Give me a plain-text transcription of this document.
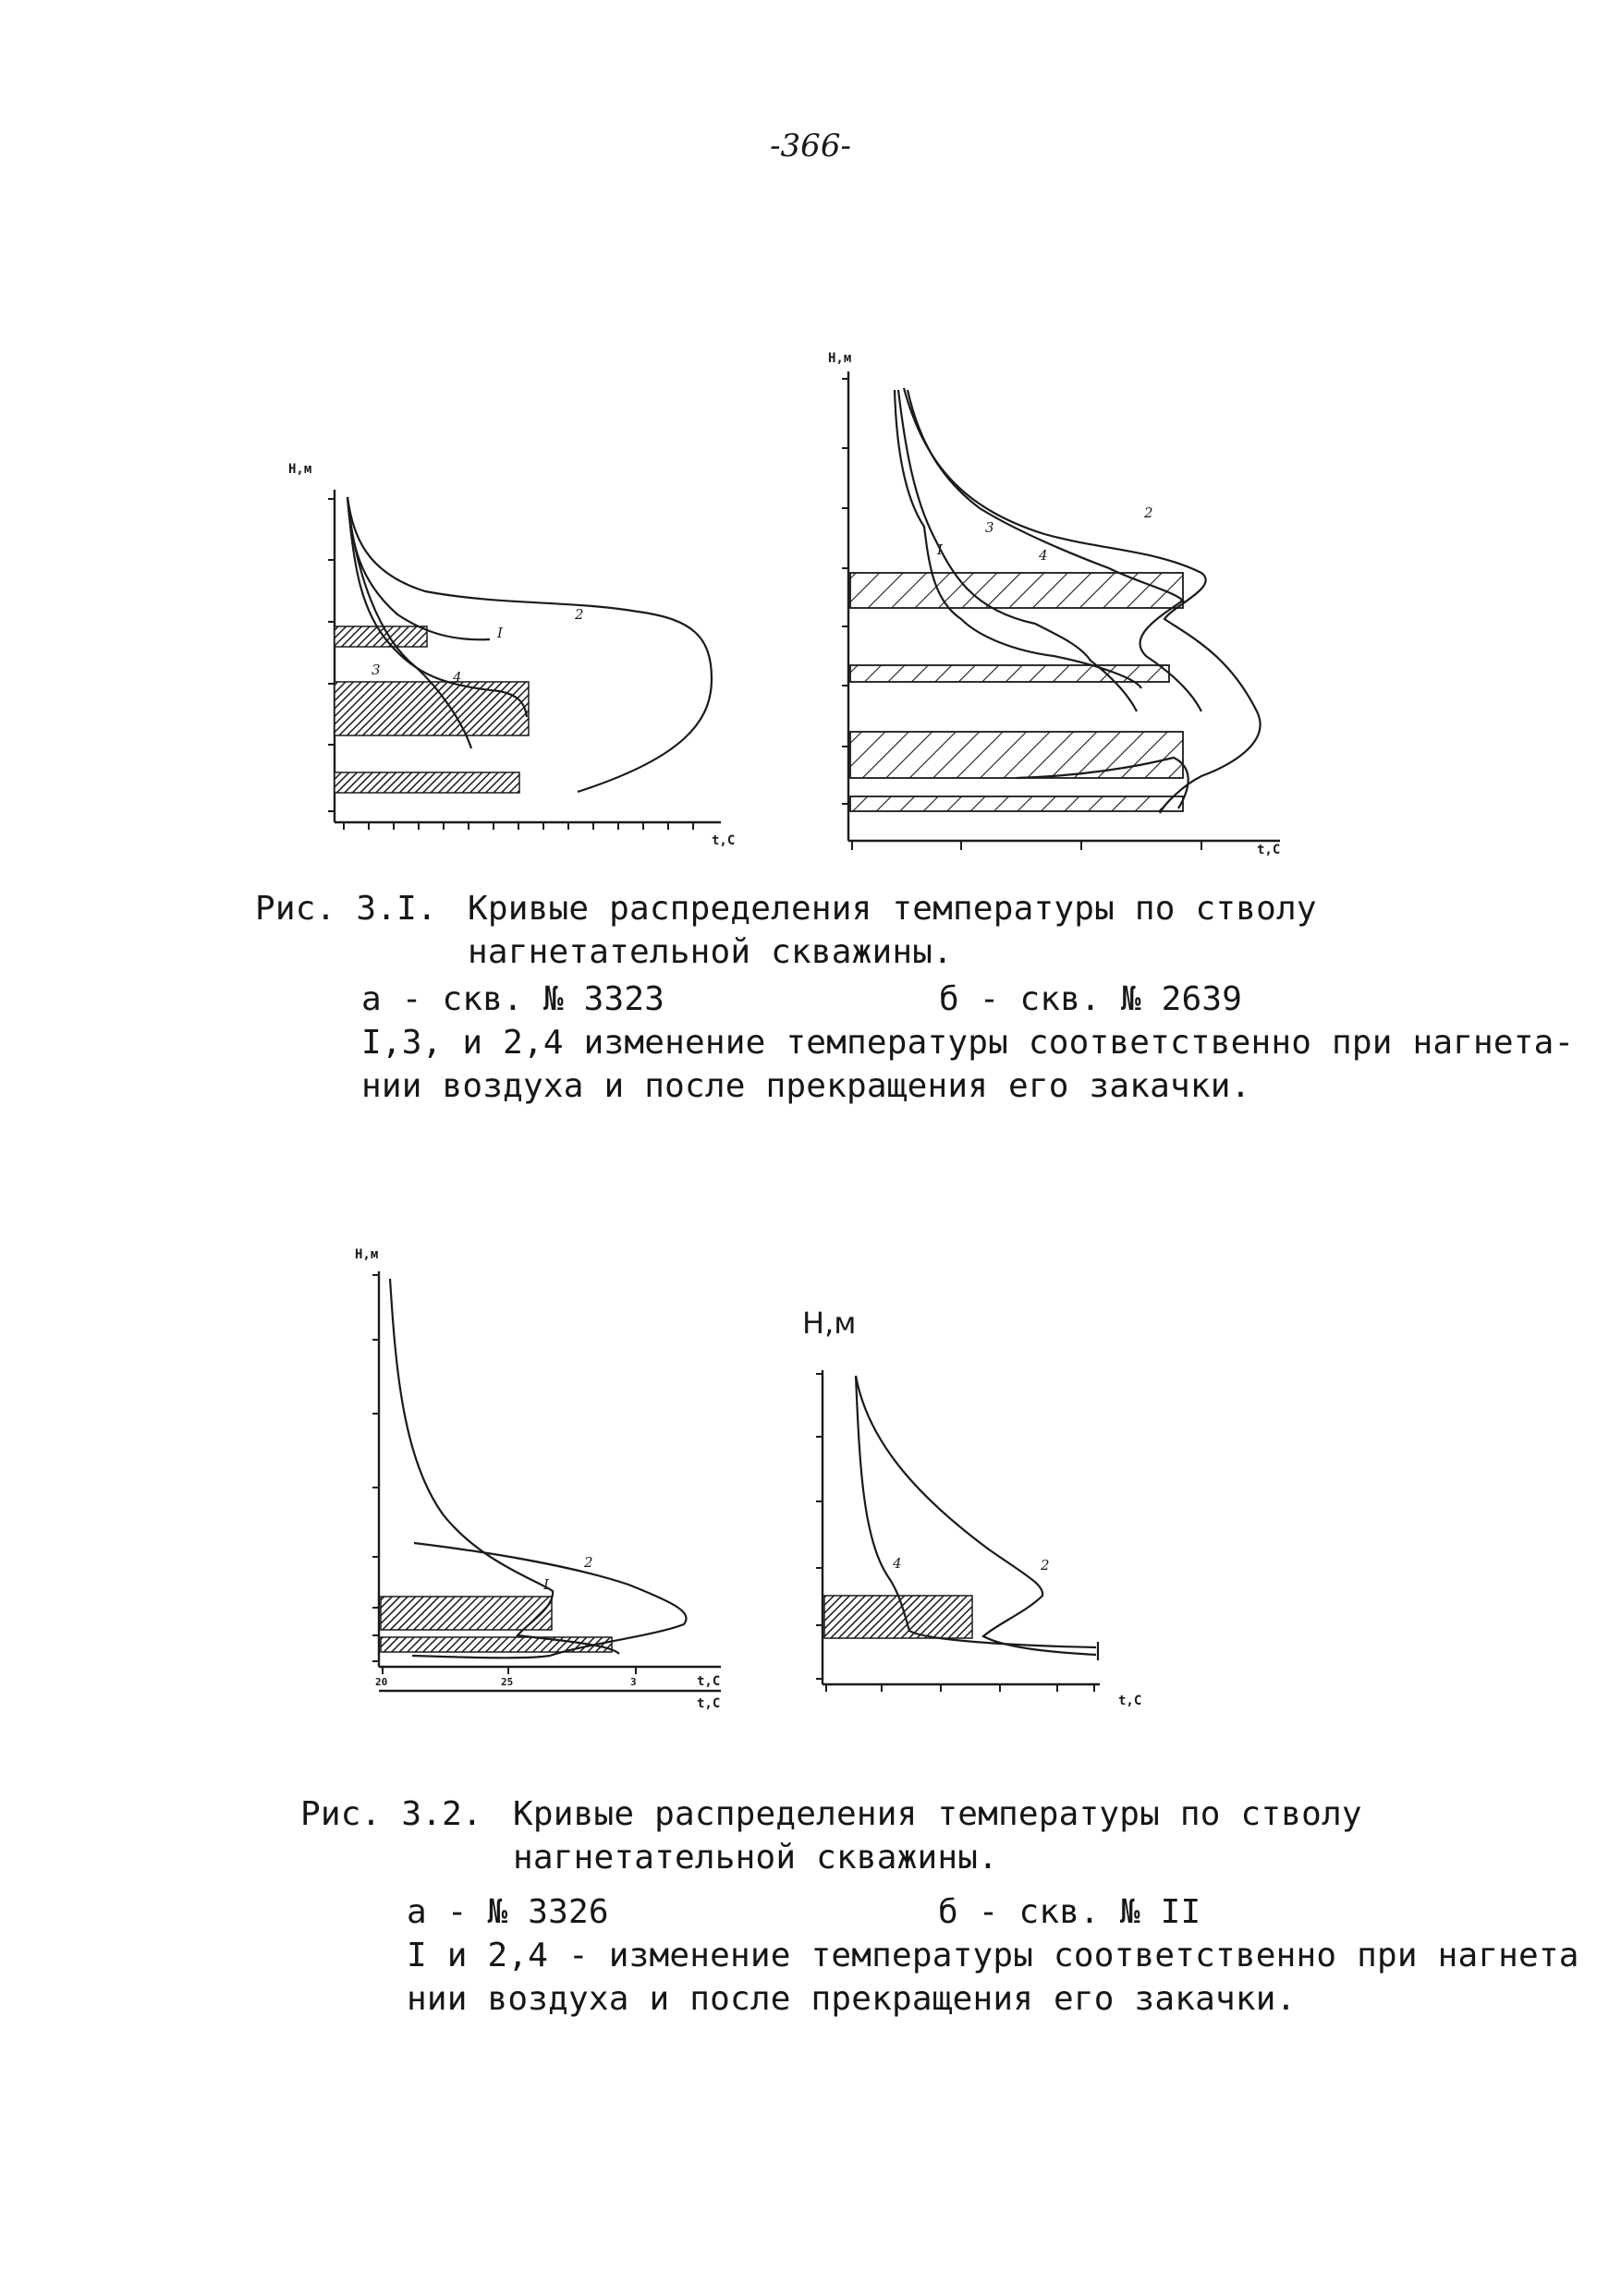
-366-
Н,м
t,C
I
2
3	4
Н,м
t,C
I
2
3
4

Рис. 3.I.

Кривые распределения температуры по стволу

нагнетательной скважины.

а - скв. № 3323

	б - скв. № 2639

I,3, и 2,4 изменение температуры соответственно при нагнета-

нии воздуха и после прекращения его закачки.

Н,м
20	25	3	t,C
t,C
I
2
Н,м
t,C
4	2

Рис. 3.2.

Кривые распределения температуры по стволу

нагнетательной скважины.

а - № 3326

	б - скв. № II

I и 2,4 - изменение температуры соответственно при нагнета

нии воздуха и после прекращения его закачки.
